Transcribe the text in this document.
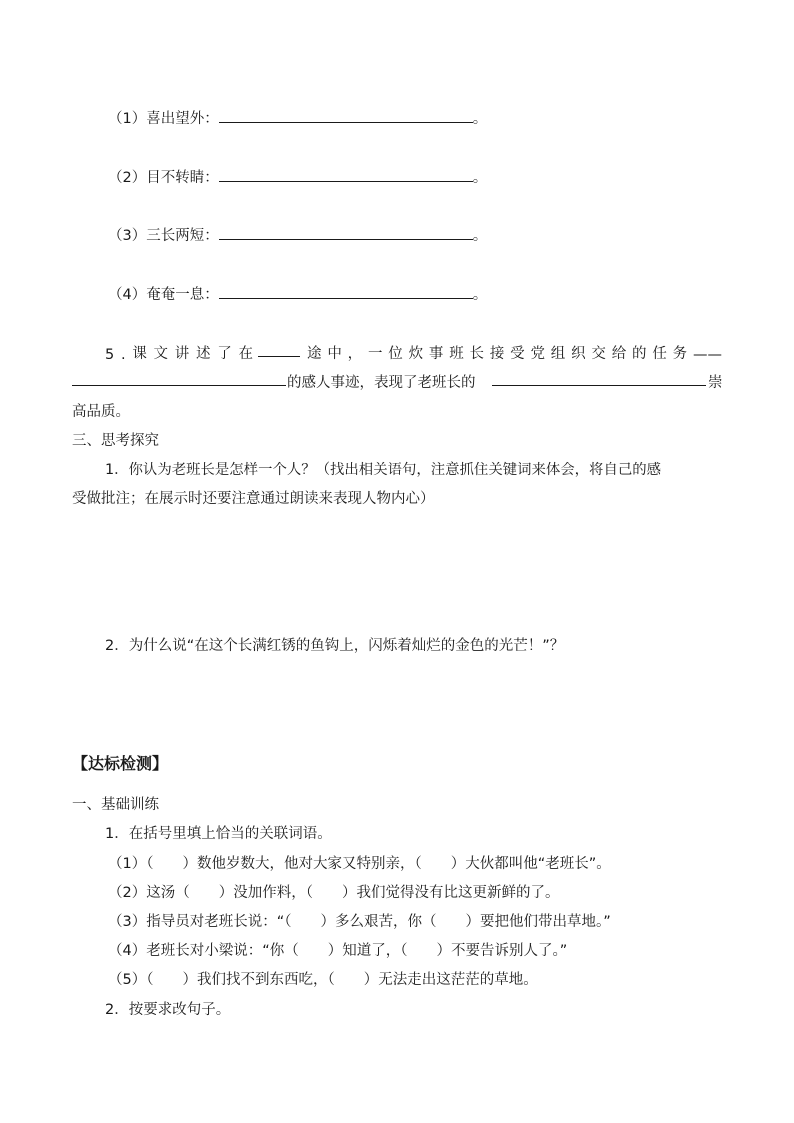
（1）喜出望外：	。
（2）目不转睛：	。
（3）三长两短：	。
（4）奄奄一息：	。
5 . 课 文 讲 述 了 在	途 中 ， 一 位 炊 事 班 长 接 受 党 组 织 交 给 的 任 务 ——
的感人事迹，表现了老班长的	崇
高品质。
三、思考探究
1．你认为老班长是怎样一个人？（找出相关语句，注意抓住关键词来体会，将自己的感
受做批注；在展示时还要注意通过朗读来表现人物内心）
2．为什么说“在这个长满红锈的鱼钩上，闪烁着灿烂的金色的光芒！”？
【达标检测】
一、基础训练
1．在括号里填上恰当的关联词语。
（1）（　　）数他岁数大，他对大家又特别亲，（　　）大伙都叫他“老班长”。
（2）这汤（　　）没加作料，（　　）我们觉得没有比这更新鲜的了。
（3）指导员对老班长说：“（　　）多么艰苦，你（　　）要把他们带出草地。”
（4）老班长对小梁说：“你（　　）知道了，（　　）不要告诉别人了。”
（5）（　　）我们找不到东西吃，（　　）无法走出这茫茫的草地。
2．按要求改句子。
